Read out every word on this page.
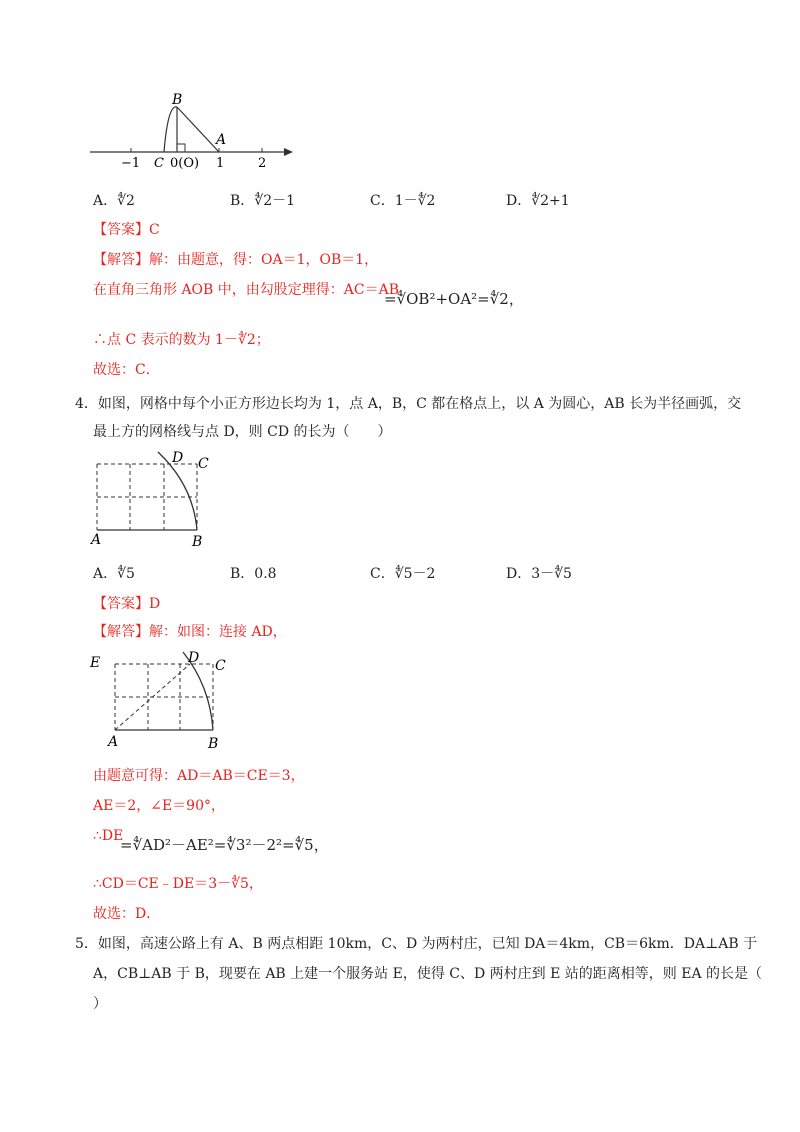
B
A
−1 C 0(O) 1	2
A．∜2	B．∜2－1	C．1－∜2	D．∜2+1
【答案】C
【解答】解：由题意，得：OA＝1，OB＝1，
在直角三角形 AOB 中，由勾股定理得：AC＝AB
=∜OB²+OA²=∜2，
∴点 C 表示的数为 1－∜2；
故选：C．
4．如图，网格中每个小正方形边长均为 1，点 A，B，C 都在格点上，以 A 为圆心，AB 长为半径画弧，交
最上方的网格线与点 D，则 CD 的长为（　　）
A	B
C
D
A．∜5	B．0.8	C．∜5－2	D．3－∜5
【答案】D
【解答】解：如图：连接 AD，
E
A	B
C
D
由题意可得：AD＝AB＝CE＝3，
AE＝2，∠E＝90°，
∴DE
=∜AD²－AE²=∜3²－2²=∜5，
∴CD＝CE﹣DE＝3－∜5，
故选：D．
5．如图，高速公路上有 A、B 两点相距 10km，C、D 为两村庄，已知 DA＝4km，CB＝6km．DA⊥AB 于
A，CB⊥AB 于 B，现要在 AB 上建一个服务站 E，使得 C、D 两村庄到 E 站的距离相等，则 EA 的长是（
）
